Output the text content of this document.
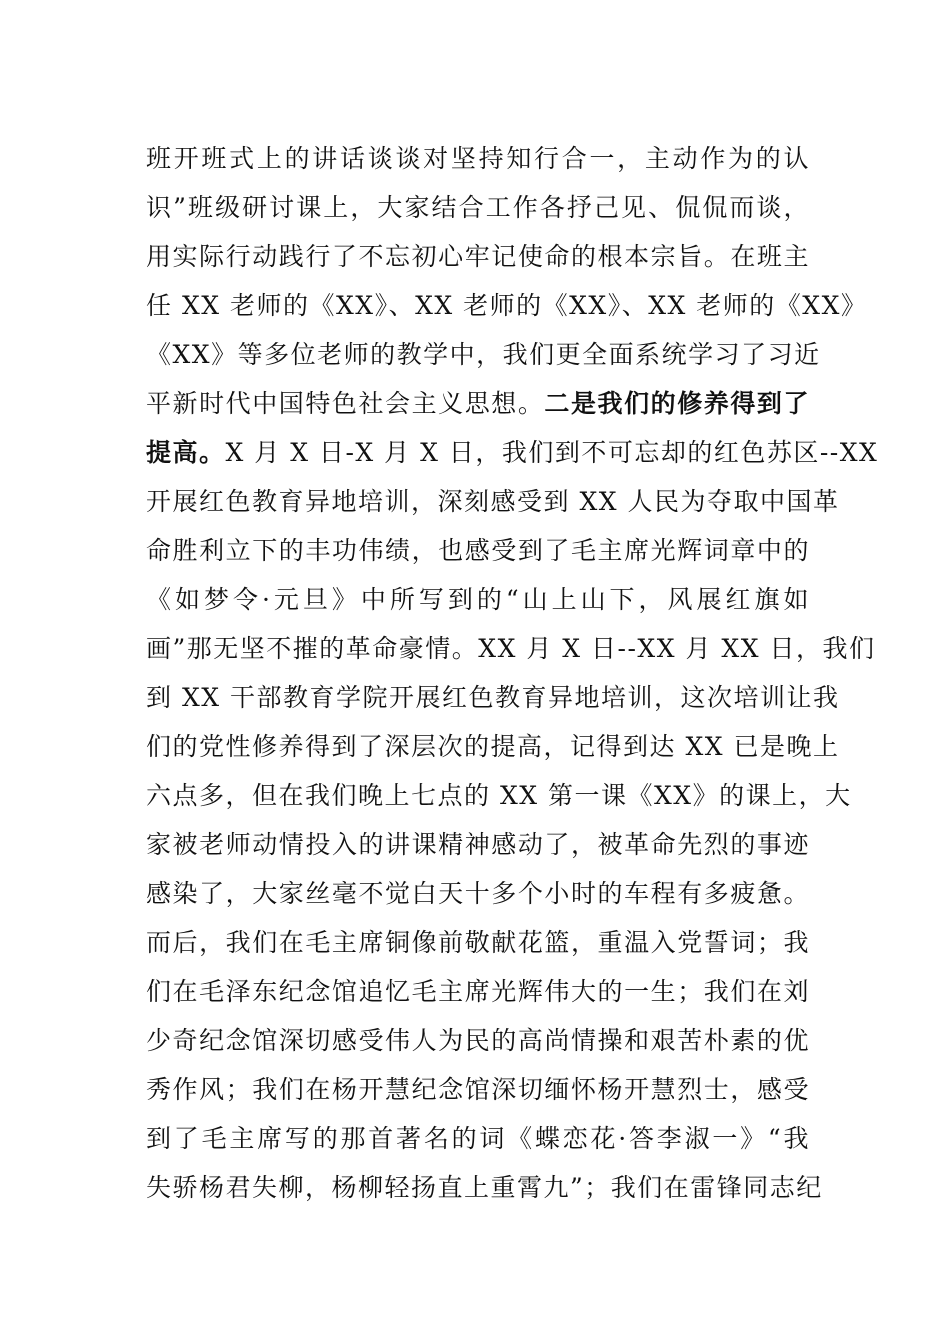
班开班式上的讲话谈谈对坚持知行合一，主动作为的认
识”班级研讨课上，大家结合工作各抒己见、侃侃而谈，
用实际行动践行了不忘初心牢记使命的根本宗旨。在班主
任 XX 老师的《XX》、XX 老师的《XX》、XX 老师的《XX》
《XX》等多位老师的教学中，我们更全面系统学习了习近
平新时代中国特色社会主义思想。二是我们的修养得到了
提高。X 月 X 日-X 月 X 日，我们到不可忘却的红色苏区--XX
开展红色教育异地培训，深刻感受到 XX 人民为夺取中国革
命胜利立下的丰功伟绩，也感受到了毛主席光辉词章中的
《如梦令·元旦》中所写到的“山上山下，风展红旗如
画”那无坚不摧的革命豪情。XX 月 X 日--XX 月 XX 日，我们
到 XX 干部教育学院开展红色教育异地培训，这次培训让我
们的党性修养得到了深层次的提高，记得到达 XX 已是晚上
六点多，但在我们晚上七点的 XX 第一课《XX》的课上，大
家被老师动情投入的讲课精神感动了，被革命先烈的事迹
感染了，大家丝毫不觉白天十多个小时的车程有多疲惫。
而后，我们在毛主席铜像前敬献花篮，重温入党誓词；我
们在毛泽东纪念馆追忆毛主席光辉伟大的一生；我们在刘
少奇纪念馆深切感受伟人为民的高尚情操和艰苦朴素的优
秀作风；我们在杨开慧纪念馆深切缅怀杨开慧烈士，感受
到了毛主席写的那首著名的词《蝶恋花·答李淑一》“我
失骄杨君失柳，杨柳轻扬直上重霄九”；我们在雷锋同志纪
